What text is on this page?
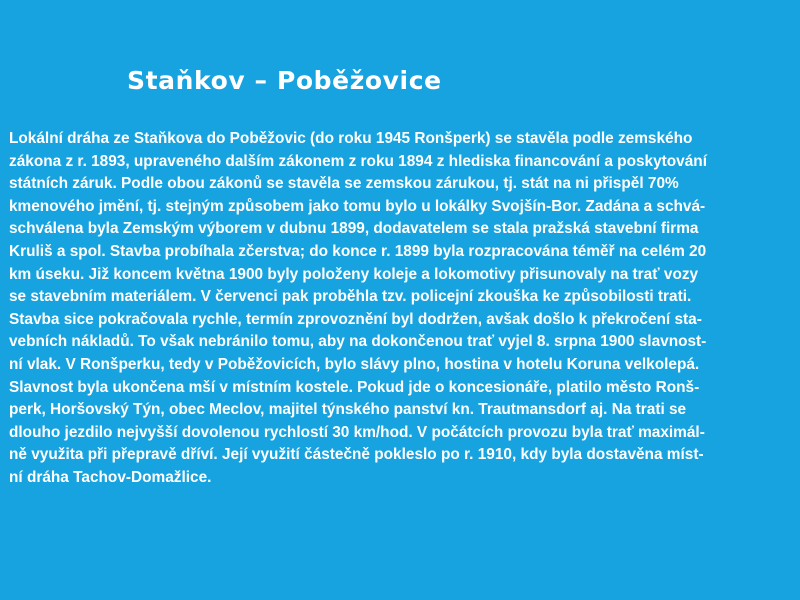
Staňkov – Poběžovice
Lokální dráha ze Staňkova do Poběžovic (do roku 1945 Ronšperk) se stavěla podle zemského
zákona z r. 1893, upraveného dalším zákonem z roku 1894 z hlediska financování a poskytování
státních záruk. Podle obou zákonů se stavěla se zemskou zárukou, tj. stát na ni přispěl 70%
kmenového jmění, tj. stejným způsobem jako tomu bylo u lokálky Svojšín-Bor. Zadána a schvá-
schválena byla Zemským výborem v dubnu 1899, dodavatelem se stala pražská stavební firma
Kruliš a spol. Stavba probíhala zčerstva; do konce r. 1899 byla rozpracována téměř na celém 20
km úseku. Již koncem května 1900 byly položeny koleje a lokomotivy přisunovaly na trať vozy
se stavebním materiálem. V červenci pak proběhla tzv. policejní zkouška ke způsobilosti trati.
Stavba sice pokračovala rychle, termín zprovoznění byl dodržen, avšak došlo k překročení sta-
vebních nákladů. To však nebránilo tomu, aby na dokončenou trať vyjel 8. srpna 1900 slavnost-
ní vlak. V Ronšperku, tedy v Poběžovicích, bylo slávy plno, hostina v hotelu Koruna velkolepá.
Slavnost byla ukončena mší v místním kostele. Pokud jde o koncesionáře, platilo město Ronš-
perk, Horšovský Týn, obec Meclov, majitel týnského panství kn. Trautmansdorf aj. Na trati se
dlouho jezdilo nejvyšší dovolenou rychlostí 30 km/hod. V počátcích provozu byla trať maximál-
ně využita při přepravě dříví. Její využití částečně pokleslo po r. 1910, kdy byla dostavěna míst-
ní dráha Tachov-Domažlice.
